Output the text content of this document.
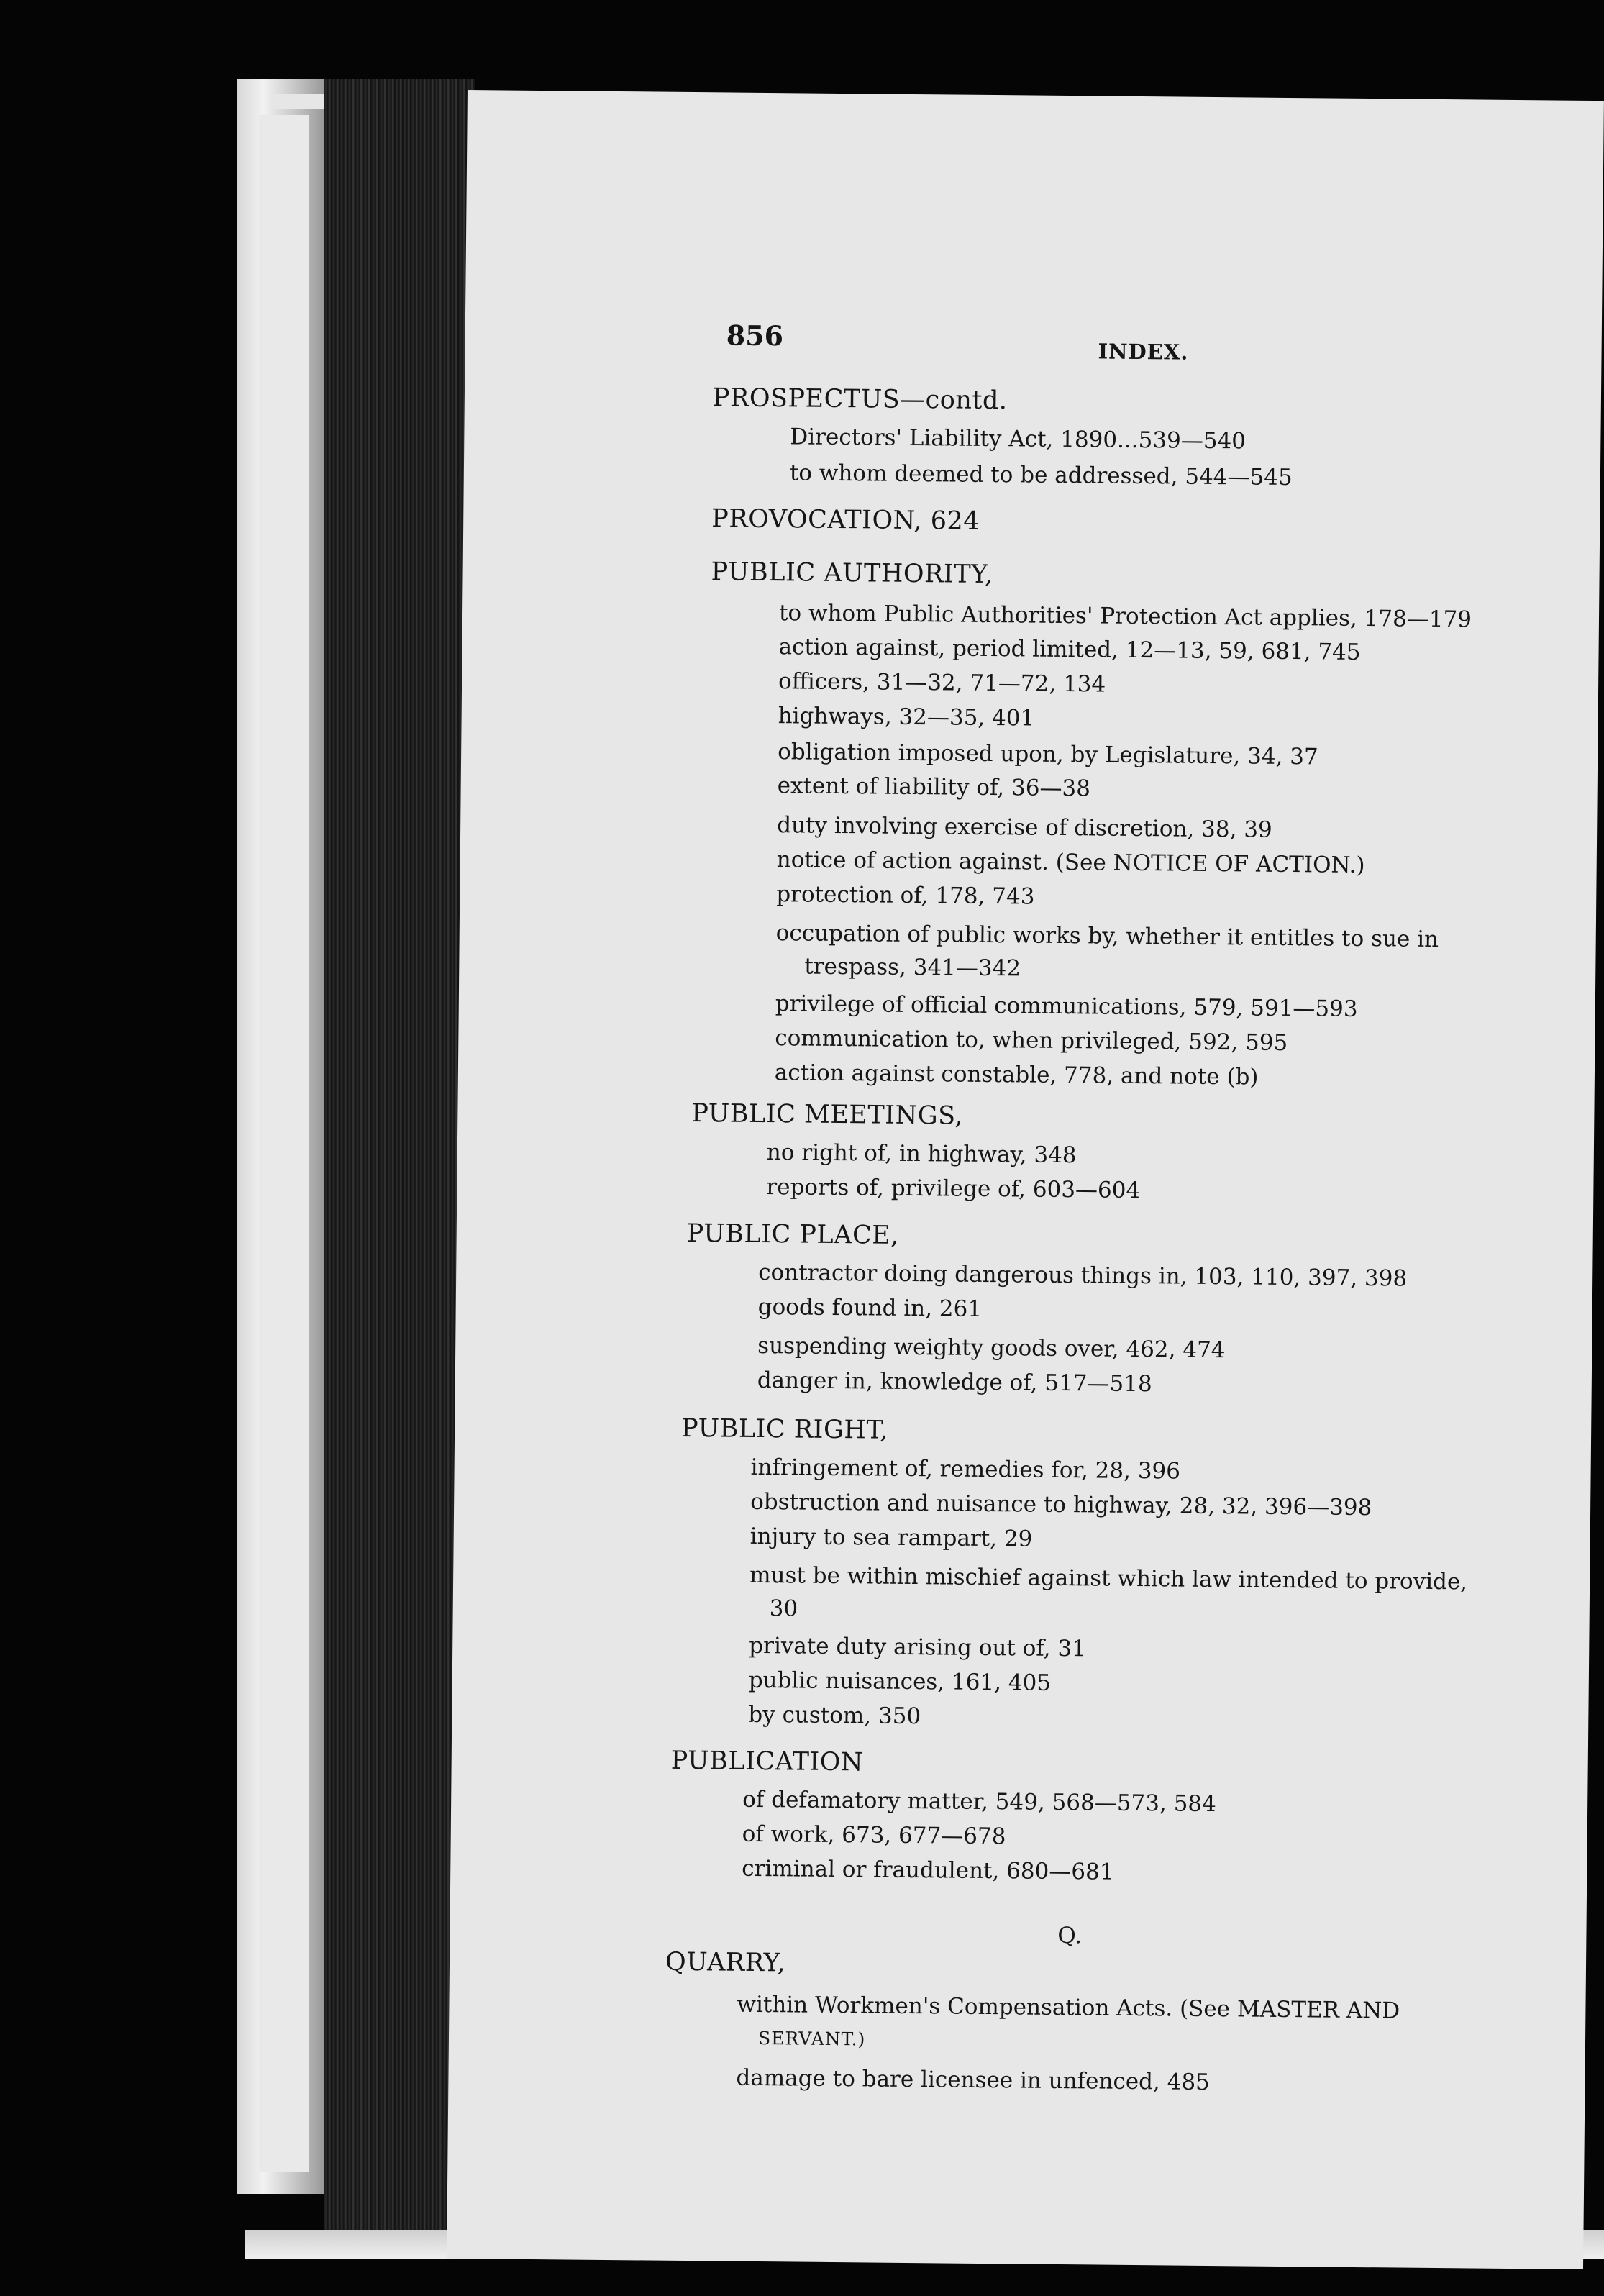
856	INDEX.
PROSPECTUS—contd.
Directors' Liability Act, 1890...539—540
to whom deemed to be addressed, 544—545
PROVOCATION, 624
PUBLIC AUTHORITY,
to whom Public Authorities' Protection Act applies, 178—179
action against, period limited, 12—13, 59, 681, 745
officers, 31—32, 71—72, 134
highways, 32—35, 401
obligation imposed upon, by Legislature, 34, 37
extent of liability of, 36—38
duty involving exercise of discretion, 38, 39
notice of action against. (See NOTICE OF ACTION.)
protection of, 178, 743
occupation of public works by, whether it entitles to sue in
trespass, 341—342
privilege of official communications, 579, 591—593
communication to, when privileged, 592, 595
action against constable, 778, and note (b)
PUBLIC MEETINGS,
no right of, in highway, 348
reports of, privilege of, 603—604
PUBLIC PLACE,
contractor doing dangerous things in, 103, 110, 397, 398
goods found in, 261
suspending weighty goods over, 462, 474
danger in, knowledge of, 517—518
PUBLIC RIGHT,
infringement of, remedies for, 28, 396
obstruction and nuisance to highway, 28, 32, 396—398
injury to sea rampart, 29
must be within mischief against which law intended to provide,
30
private duty arising out of, 31
public nuisances, 161, 405
by custom, 350
PUBLICATION
of defamatory matter, 549, 568—573, 584
of work, 673, 677—678
criminal or fraudulent, 680—681
Q.
QUARRY,
within Workmen's Compensation Acts. (See MASTER AND
SERVANT.)
damage to bare licensee in unfenced, 485
